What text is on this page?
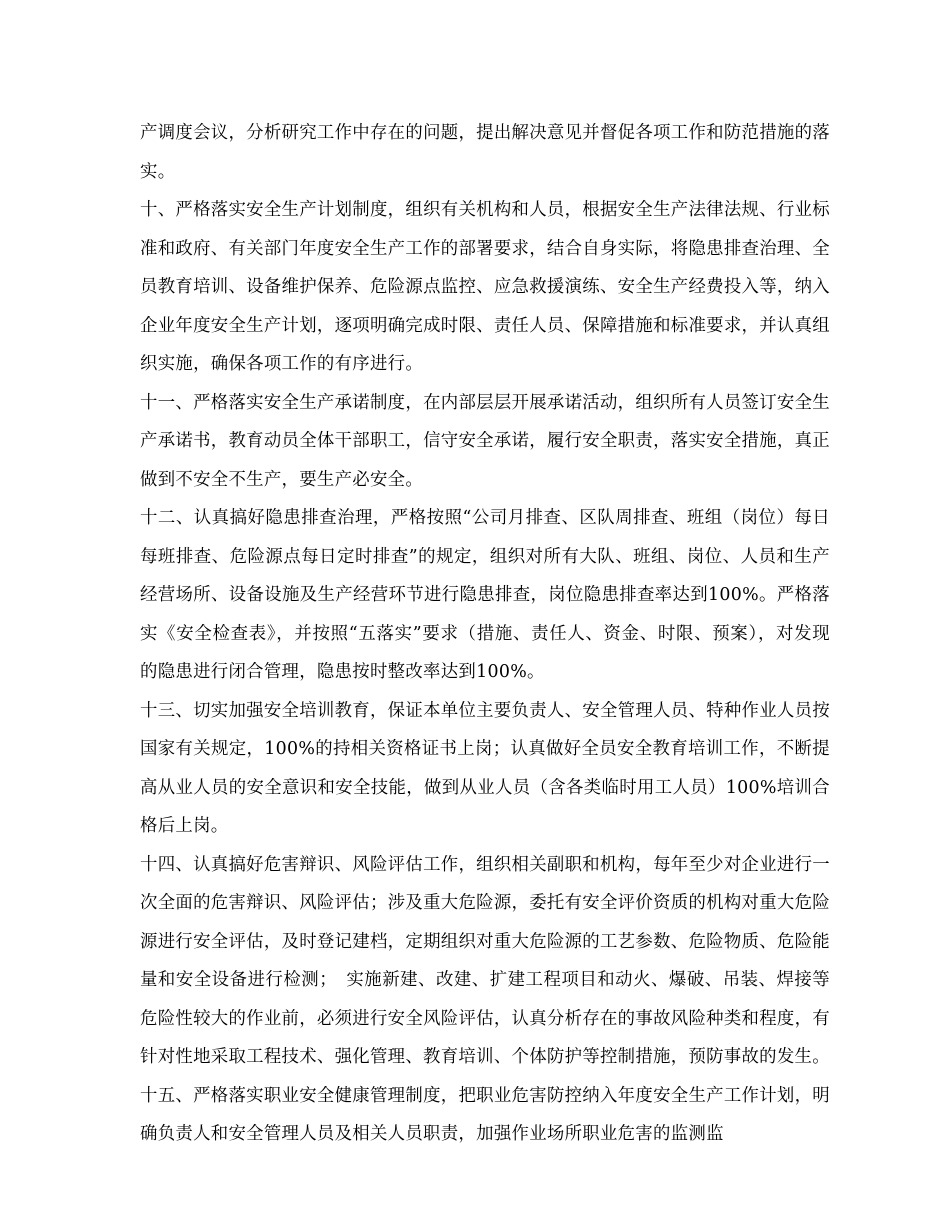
产调度会议，分析研究工作中存在的问题，提出解决意见并督促各项工作和防范措施的落实。

十、严格落实安全生产计划制度，组织有关机构和人员，根据安全生产法律法规、行业标准和政府、有关部门年度安全生产工作的部署要求，结合自身实际，将隐患排查治理、全员教育培训、设备维护保养、危险源点监控、应急救援演练、安全生产经费投入等，纳入企业年度安全生产计划，逐项明确完成时限、责任人员、保障措施和标准要求，并认真组织实施，确保各项工作的有序进行。

十一、严格落实安全生产承诺制度，在内部层层开展承诺活动，组织所有人员签订安全生产承诺书，教育动员全体干部职工，信守安全承诺，履行安全职责，落实安全措施，真正做到不安全不生产，要生产必安全。

十二、认真搞好隐患排查治理，严格按照“公司月排查、区队周排查、班组（岗位）每日每班排查、危险源点每日定时排查”的规定，组织对所有大队、班组、岗位、人员和生产经营场所、设备设施及生产经营环节进行隐患排查，岗位隐患排查率达到100%。严格落实《安全检查表》，并按照“五落实”要求（措施、责任人、资金、时限、预案），对发现的隐患进行闭合管理，隐患按时整改率达到100%。

十三、切实加强安全培训教育，保证本单位主要负责人、安全管理人员、特种作业人员按国家有关规定，100%的持相关资格证书上岗；认真做好全员安全教育培训工作，不断提高从业人员的安全意识和安全技能，做到从业人员（含各类临时用工人员）100%培训合格后上岗。

十四、认真搞好危害辩识、风险评估工作，组织相关副职和机构，每年至少对企业进行一次全面的危害辩识、风险评估；涉及重大危险源，委托有安全评价资质的机构对重大危险源进行安全评估，及时登记建档，定期组织对重大危险源的工艺参数、危险物质、危险能量和安全设备进行检测；　实施新建、改建、扩建工程项目和动火、爆破、吊装、焊接等危险性较大的作业前，必须进行安全风险评估，认真分析存在的事故风险种类和程度，有针对性地采取工程技术、强化管理、教育培训、个体防护等控制措施，预防事故的发生。

十五、严格落实职业安全健康管理制度，把职业危害防控纳入年度安全生产工作计划，明确负责人和安全管理人员及相关人员职责，加强作业场所职业危害的监测监
